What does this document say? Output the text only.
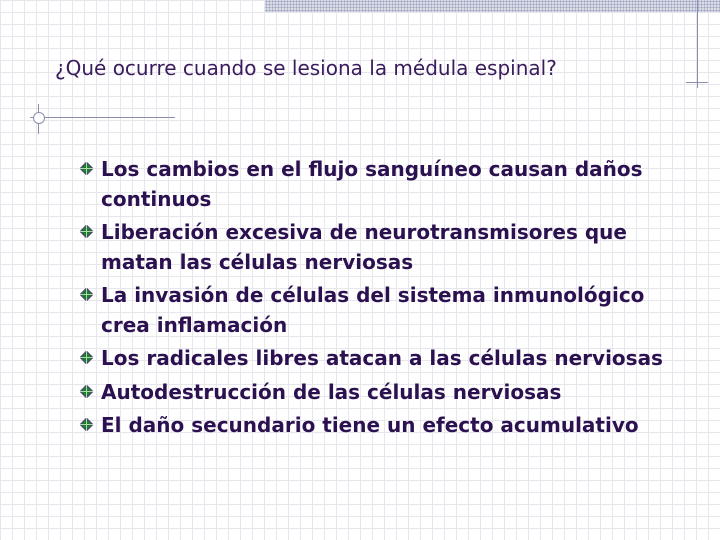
¿Qué ocurre cuando se lesiona la médula espinal?
Los cambios en el flujo sanguíneo causan daños continuos
Liberación excesiva de neurotransmisores que matan las células nerviosas
La invasión de células del sistema inmunológico crea inflamación
Los radicales libres atacan a las células nerviosas
Autodestrucción de las células nerviosas
El daño secundario tiene un efecto acumulativo
